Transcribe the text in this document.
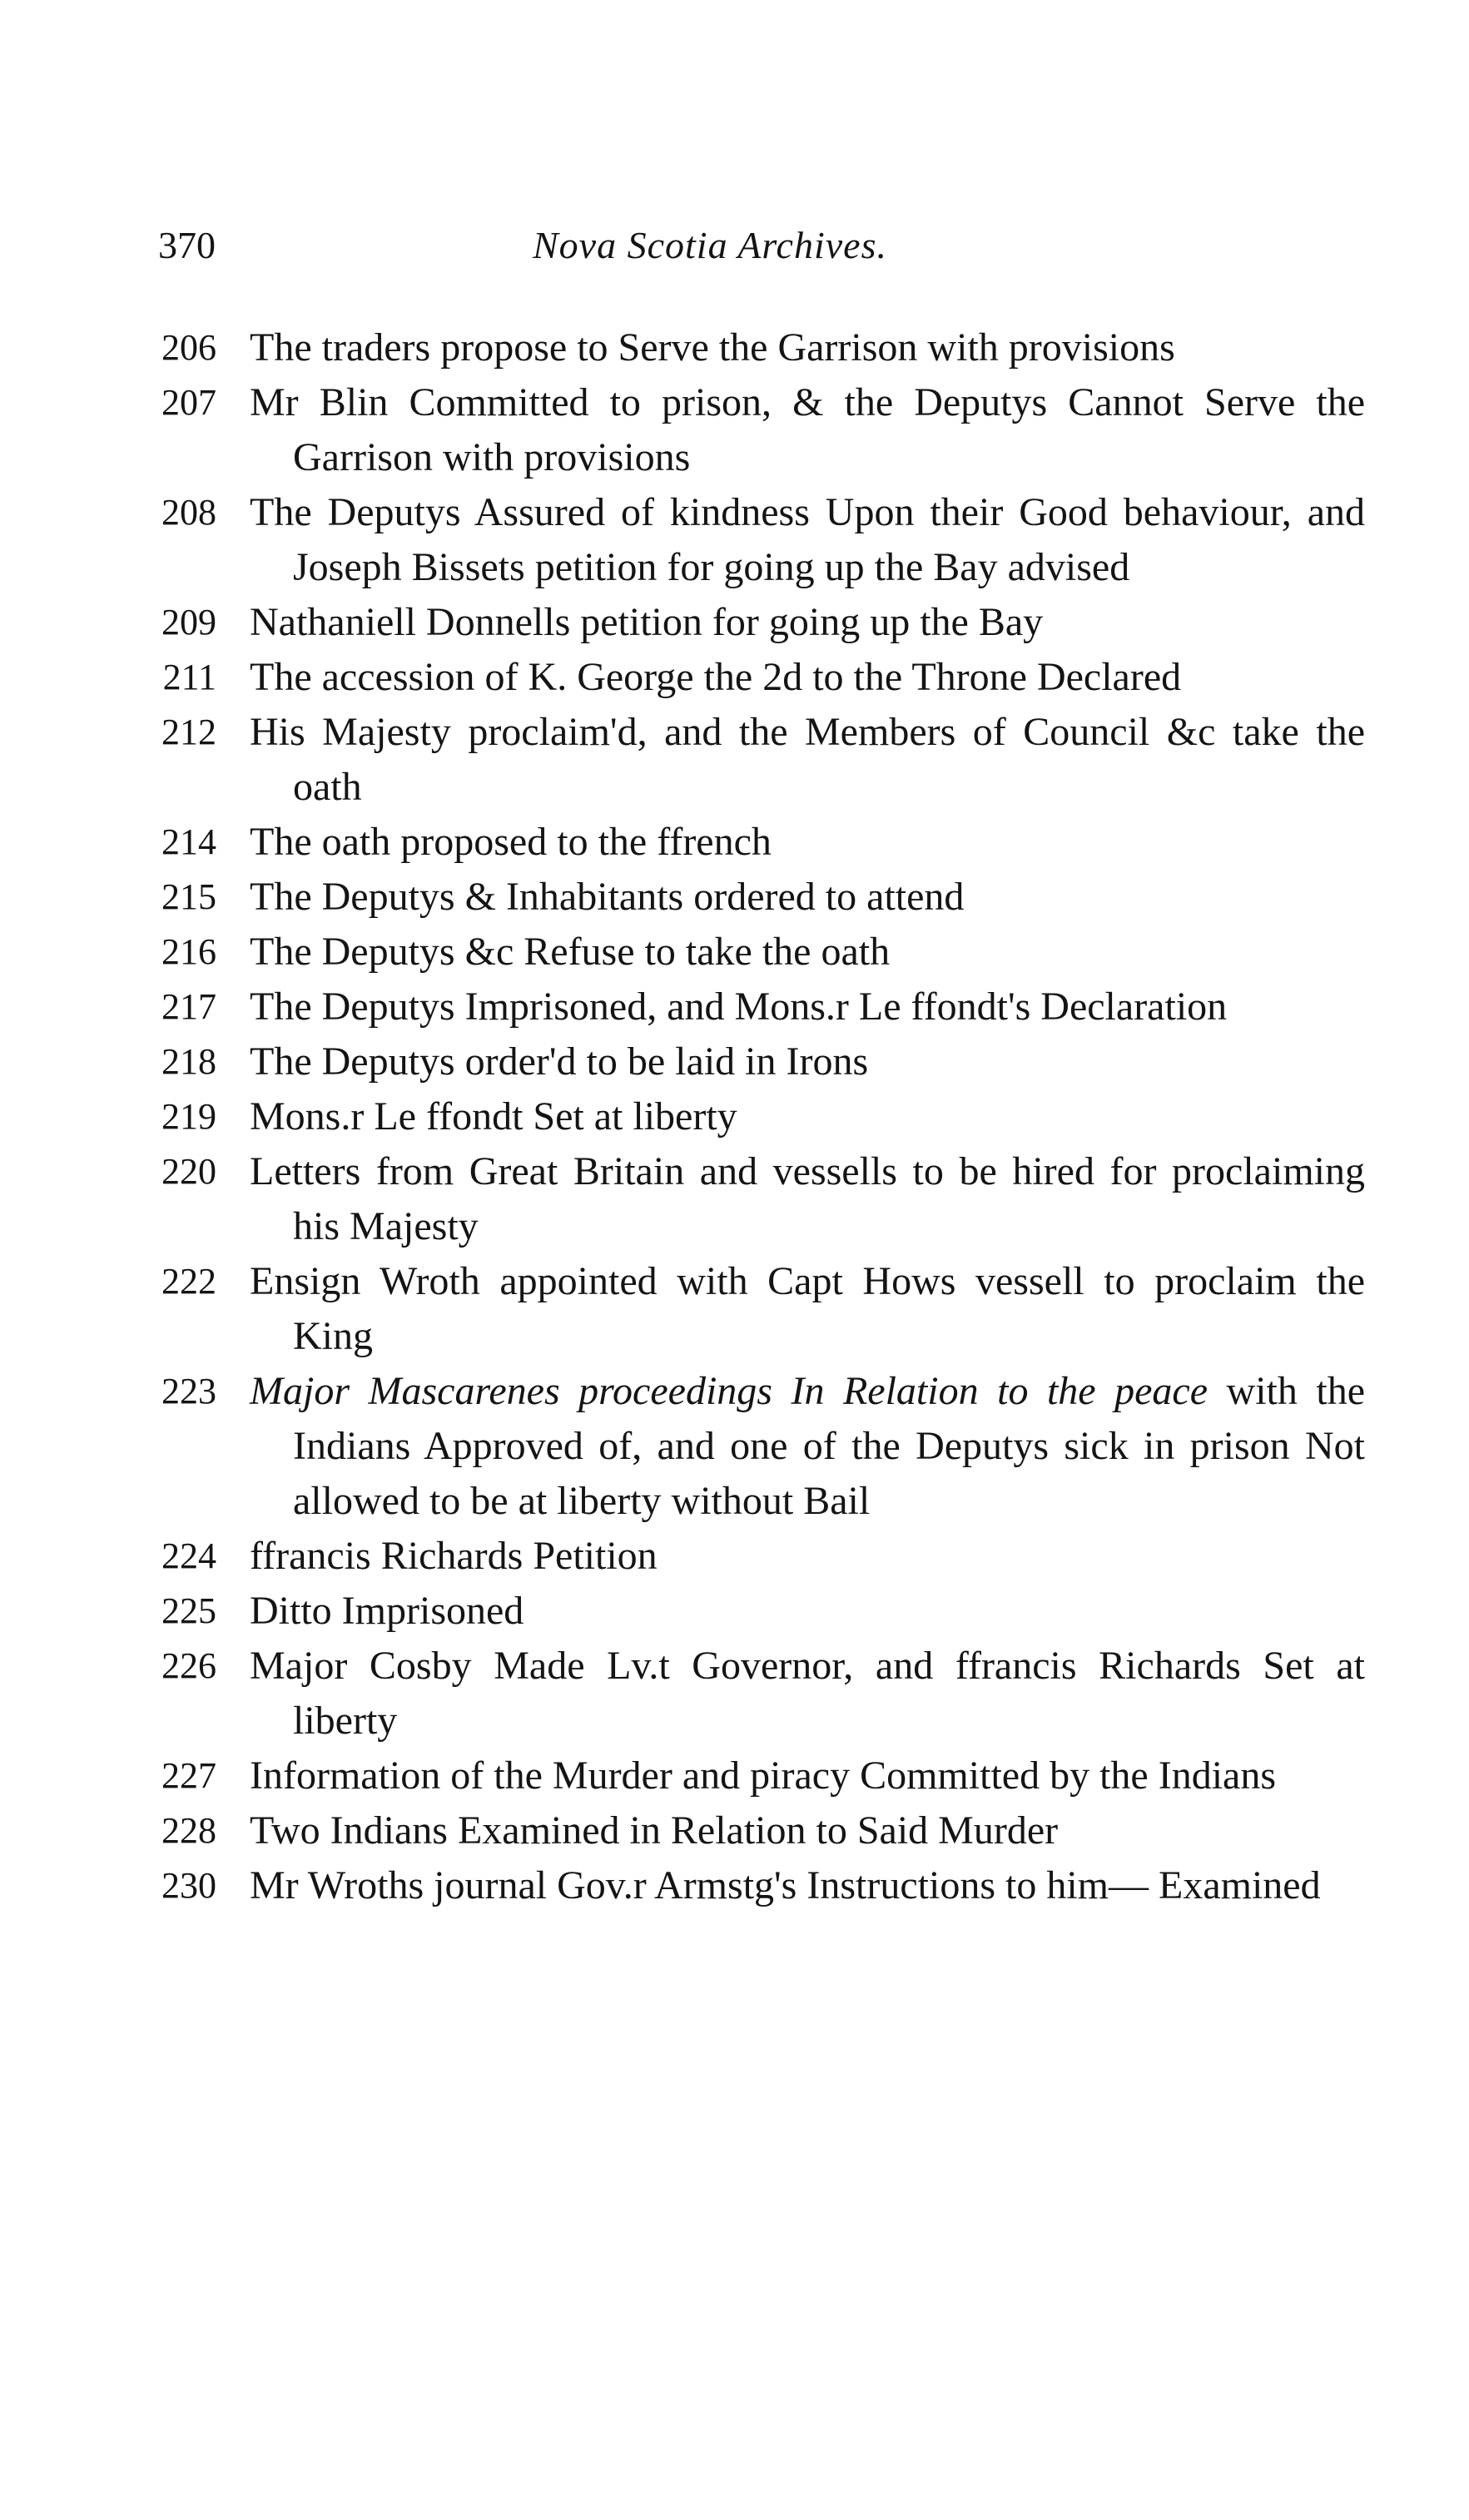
370	Nova Scotia Archives.
206 The traders propose to Serve the Garrison with provisions
207 Mr Blin Committed to prison, & the Deputys Cannot Serve the Garrison with provisions
208 The Deputys Assured of kindness Upon their Good behaviour, and Joseph Bissets petition for going up the Bay advised
209 Nathaniell Donnells petition for going up the Bay
211 The accession of K. George the 2d to the Throne Declared
212 His Majesty proclaim'd, and the Members of Council &c take the oath
214 The oath proposed to the ffrench
215 The Deputys & Inhabitants ordered to attend
216 The Deputys &c Refuse to take the oath
217 The Deputys Imprisoned, and Mons.r Le ffondt's Declaration
218 The Deputys order'd to be laid in Irons
219 Mons.r Le ffondt Set at liberty
220 Letters from Great Britain and vessells to be hired for proclaiming his Majesty
222 Ensign Wroth appointed with Capt Hows vessell to proclaim the King
223 Major Mascarenes proceedings In Relation to the peace with the Indians Approved of, and one of the Deputys sick in prison Not allowed to be at liberty without Bail
224 ffrancis Richards Petition
225 Ditto Imprisoned
226 Major Cosby Made Lv.t Governor, and ffrancis Richards Set at liberty
227 Information of the Murder and piracy Committed by the Indians
228 Two Indians Examined in Relation to Said Murder
230 Mr Wroths journal Gov.r Armstg's Instructions to him— Examined
